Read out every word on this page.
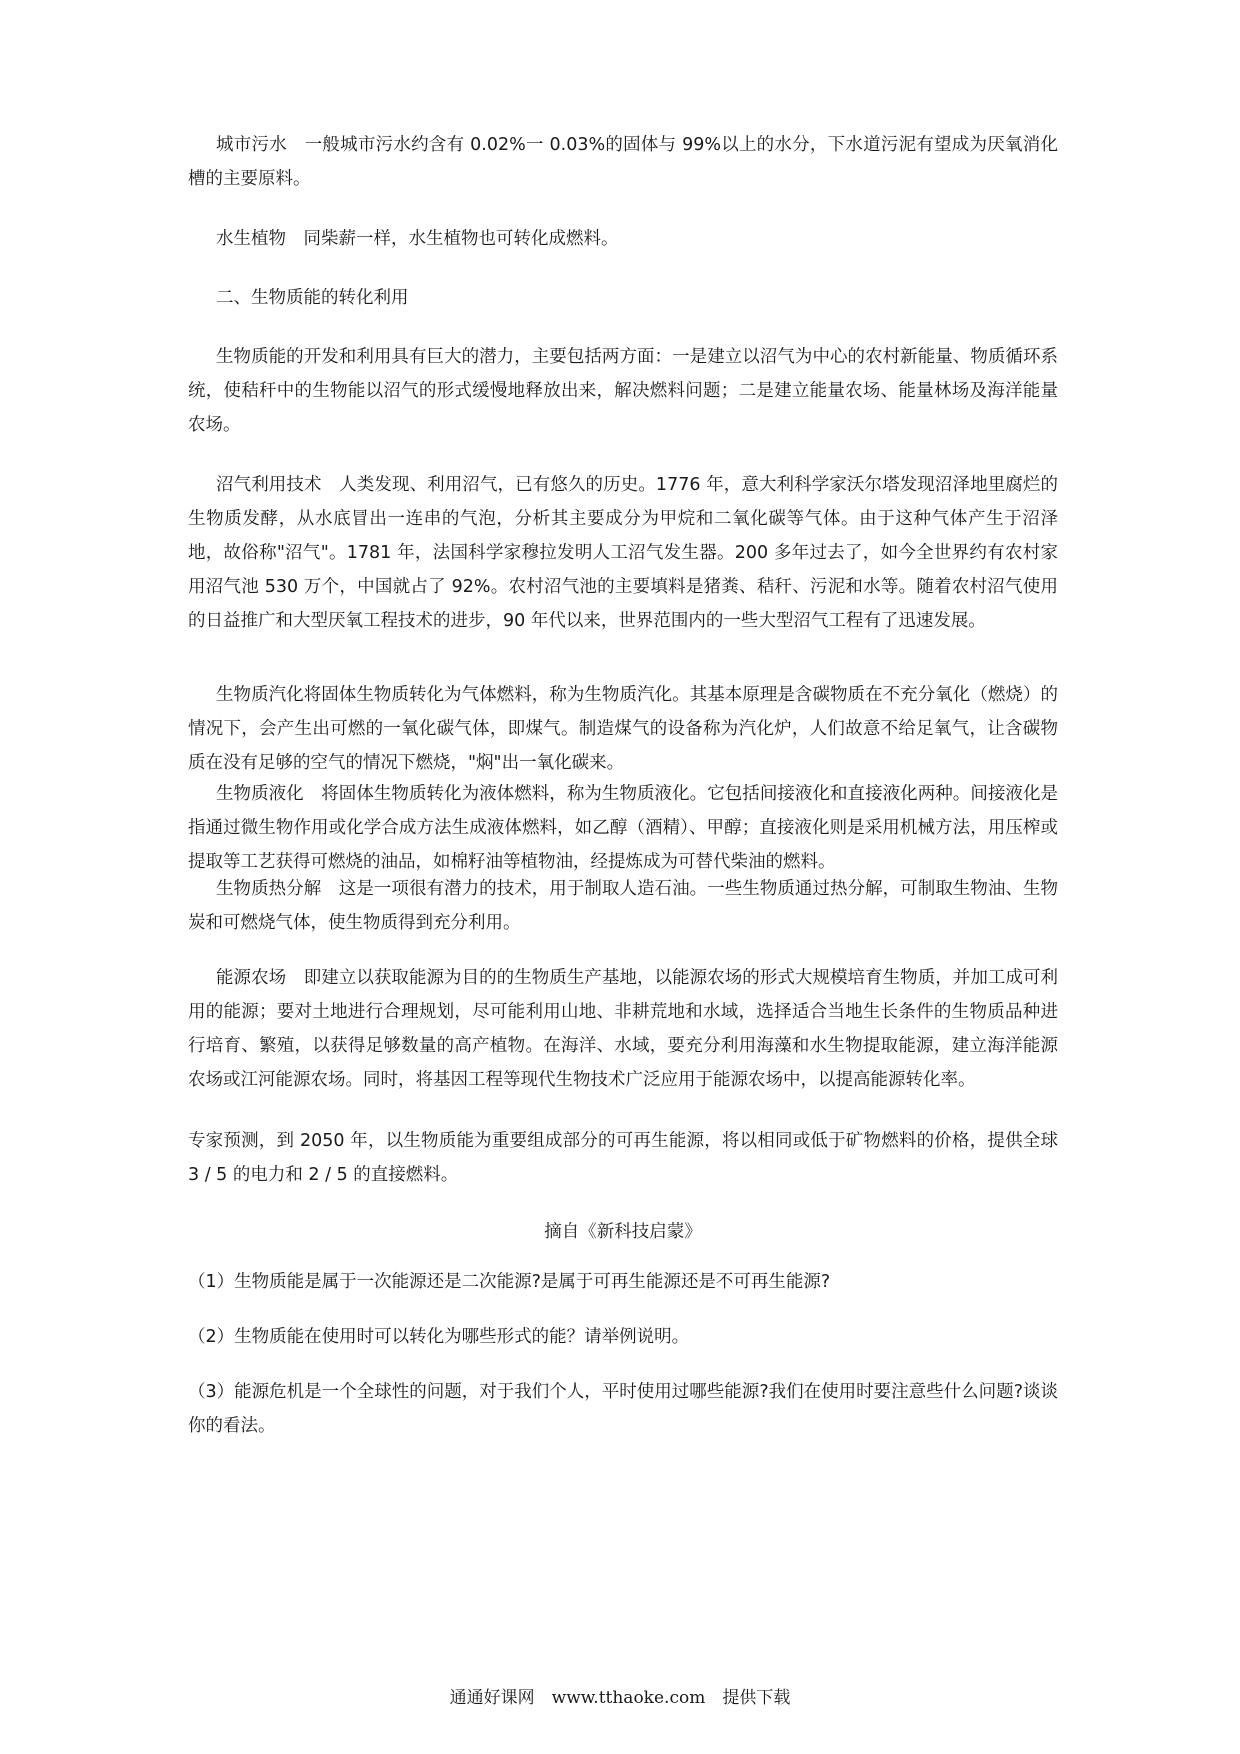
城市污水　一般城市污水约含有 0.02%一 0.03%的固体与 99%以上的水分，下水道污泥有望成为厌氧消化槽的主要原料。

水生植物　同柴薪一样，水生植物也可转化成燃料。

二、生物质能的转化利用

生物质能的开发和利用具有巨大的潜力，主要包括两方面：一是建立以沼气为中心的农村新能量、物质循环系统，使秸秆中的生物能以沼气的形式缓慢地释放出来，解决燃料问题；二是建立能量农场、能量林场及海洋能量农场。

沼气利用技术　人类发现、利用沼气，已有悠久的历史。1776 年，意大利科学家沃尔塔发现沼泽地里腐烂的生物质发酵，从水底冒出一连串的气泡，分析其主要成分为甲烷和二氧化碳等气体。由于这种气体产生于沼泽地，故俗称"沼气"。1781 年，法国科学家穆拉发明人工沼气发生器。200 多年过去了，如今全世界约有农村家用沼气池 530 万个，中国就占了 92%。农村沼气池的主要填料是猪粪、秸秆、污泥和水等。随着农村沼气使用的日益推广和大型厌氧工程技术的进步，90 年代以来，世界范围内的一些大型沼气工程有了迅速发展。

生物质汽化将固体生物质转化为气体燃料，称为生物质汽化。其基本原理是含碳物质在不充分氧化（燃烧）的情况下，会产生出可燃的一氧化碳气体，即煤气。制造煤气的设备称为汽化炉，人们故意不给足氧气，让含碳物质在没有足够的空气的情况下燃烧，"焖"出一氧化碳来。

生物质液化　将固体生物质转化为液体燃料，称为生物质液化。它包括间接液化和直接液化两种。间接液化是指通过微生物作用或化学合成方法生成液体燃料，如乙醇（酒精）、甲醇；直接液化则是采用机械方法，用压榨或提取等工艺获得可燃烧的油品，如棉籽油等植物油，经提炼成为可替代柴油的燃料。

生物质热分解　这是一项很有潜力的技术，用于制取人造石油。一些生物质通过热分解，可制取生物油、生物炭和可燃烧气体，使生物质得到充分利用。

能源农场　即建立以获取能源为目的的生物质生产基地，以能源农场的形式大规模培育生物质，并加工成可利用的能源；要对土地进行合理规划，尽可能利用山地、非耕荒地和水域，选择适合当地生长条件的生物质品种进行培育、繁殖，以获得足够数量的高产植物。在海洋、水域，要充分利用海藻和水生物提取能源，建立海洋能源农场或江河能源农场。同时，将基因工程等现代生物技术广泛应用于能源农场中，以提高能源转化率。

专家预测，到 2050 年，以生物质能为重要组成部分的可再生能源，将以相同或低于矿物燃料的价格，提供全球 3 / 5 的电力和 2 / 5 的直接燃料。

摘自《新科技启蒙》

（1）生物质能是属于一次能源还是二次能源?是属于可再生能源还是不可再生能源?

（2）生物质能在使用时可以转化为哪些形式的能？请举例说明。

（3）能源危机是一个全球性的问题，对于我们个人，平时使用过哪些能源?我们在使用时要注意些什么问题?谈谈你的看法。

通通好课网　www.tthaoke.com　提供下载
